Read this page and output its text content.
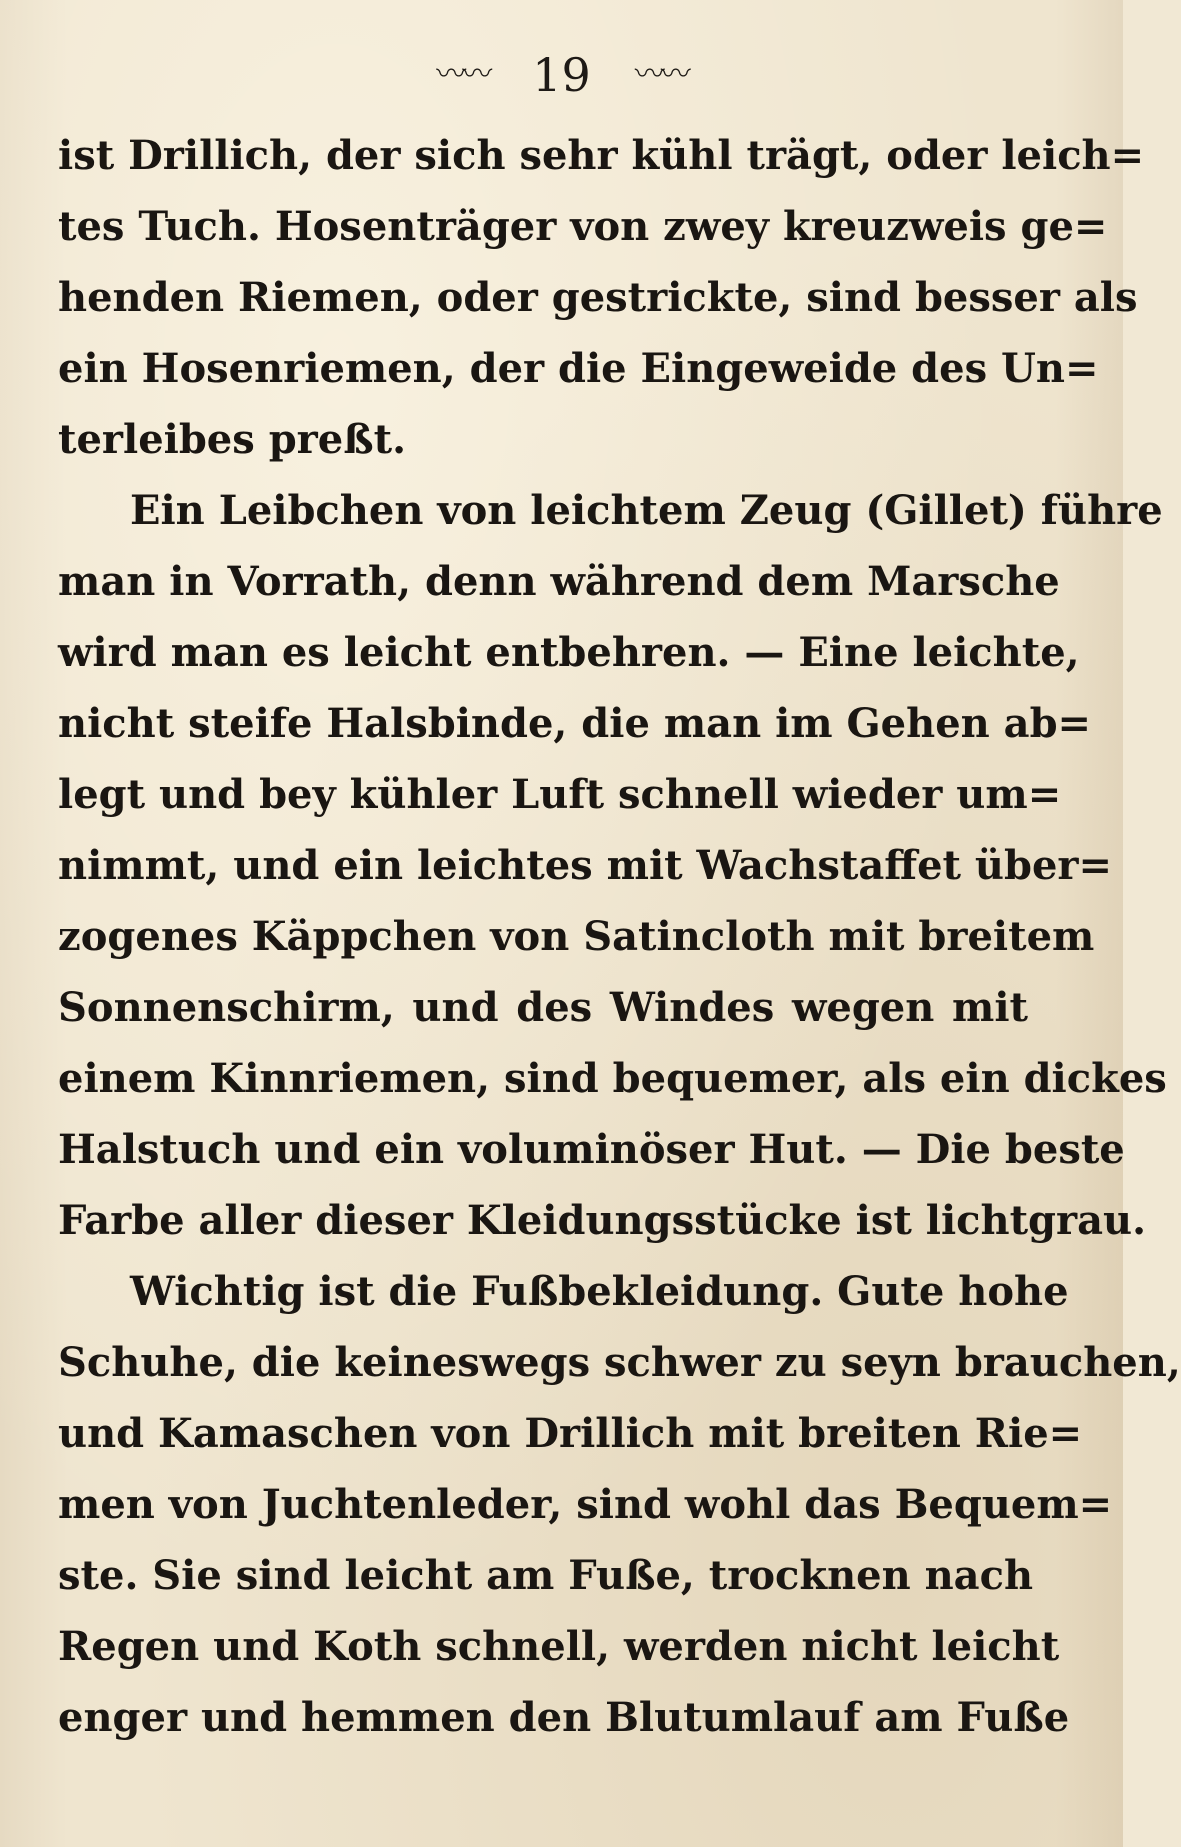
〰〰 19 〰〰
ist Drillich, der sich sehr kühl trägt, oder leich=
tes Tuch. Hosenträger von zwey kreuzweis ge=
henden Riemen, oder gestrickte, sind besser als
ein Hosenriemen, der die Eingeweide des Un=
terleibes preßt.
Ein Leibchen von leichtem Zeug (Gillet) führe
man in Vorrath, denn während dem Marsche
wird man es leicht entbehren. — Eine leichte,
nicht steife Halsbinde, die man im Gehen ab=
legt und bey kühler Luft schnell wieder um=
nimmt, und ein leichtes mit Wachstaffet über=
zogenes Käppchen von Satincloth mit breitem
Sonnenschirm, und des Windes wegen mit
einem Kinnriemen, sind bequemer, als ein dickes
Halstuch und ein voluminöser Hut. — Die beste
Farbe aller dieser Kleidungsstücke ist lichtgrau.
Wichtig ist die Fußbekleidung. Gute hohe
Schuhe, die keineswegs schwer zu seyn brauchen,
und Kamaschen von Drillich mit breiten Rie=
men von Juchtenleder, sind wohl das Bequem=
ste. Sie sind leicht am Fuße, trocknen nach
Regen und Koth schnell, werden nicht leicht
enger und hemmen den Blutumlauf am Fuße
